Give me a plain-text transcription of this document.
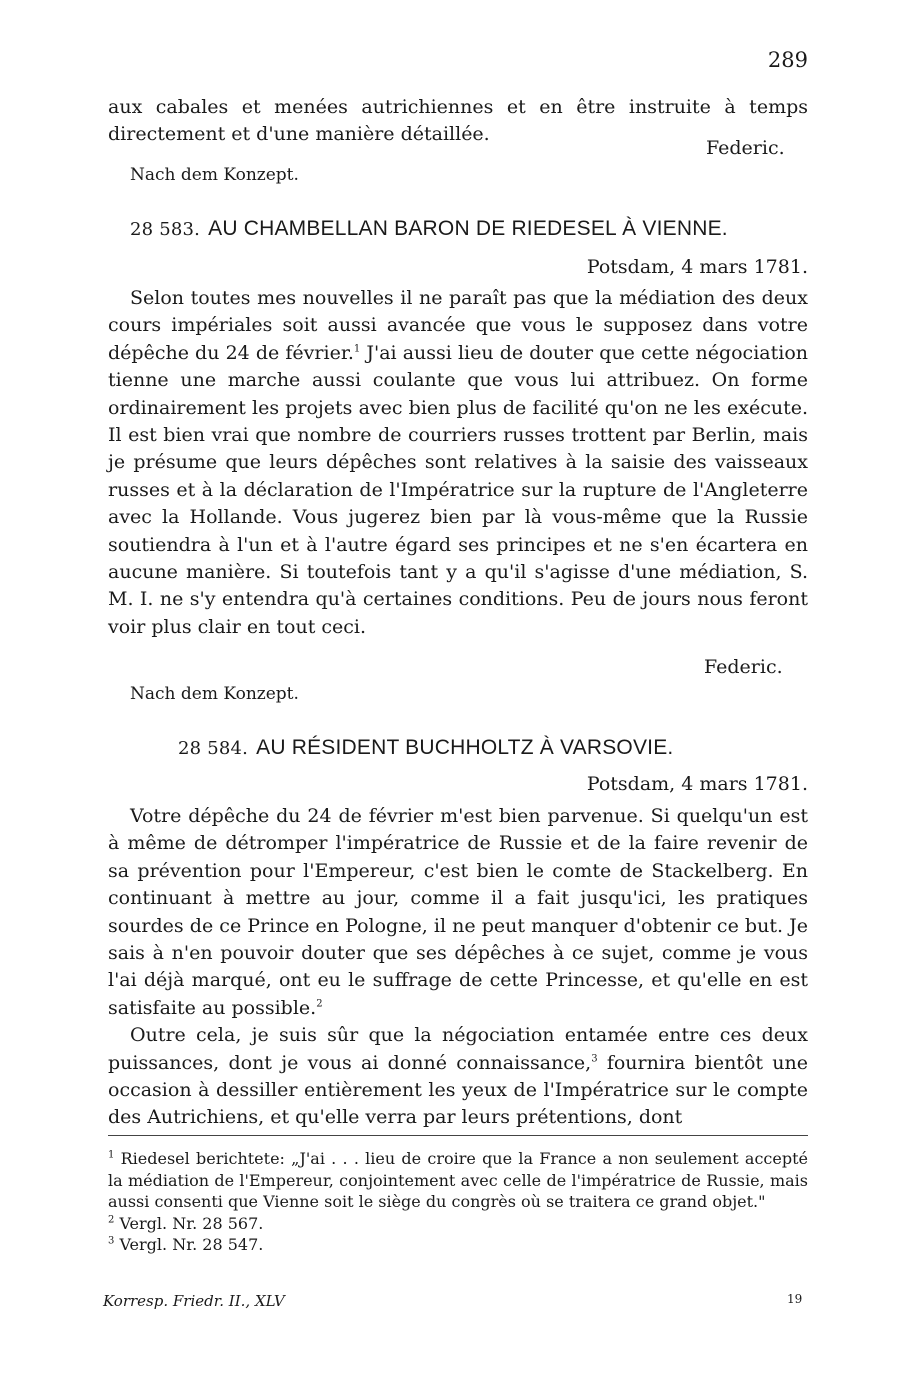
289

aux cabales et menées autrichiennes et en être instruite à temps directement et d'une manière détaillée.

Federic.
Nach dem Konzept.
28 583. AU CHAMBELLAN BARON DE RIEDESEL À VIENNE.
Potsdam, 4 mars 1781.

Selon toutes mes nouvelles il ne paraît pas que la médiation des deux cours impériales soit aussi avancée que vous le supposez dans votre dépêche du 24 de février.$^1$ J'ai aussi lieu de douter que cette négociation tienne une marche aussi coulante que vous lui attribuez. On forme ordinairement les projets avec bien plus de facilité qu'on ne les exécute. Il est bien vrai que nombre de courriers russes trottent par Berlin, mais je présume que leurs dépêches sont relatives à la saisie des vaisseaux russes et à la déclaration de l'Impératrice sur la rupture de l'Angleterre avec la Hollande. Vous jugerez bien par là vous-même que la Russie soutiendra à l'un et à l'autre égard ses principes et ne s'en écartera en aucune manière. Si toutefois tant y a qu'il s'agisse d'une médiation, S. M. I. ne s'y entendra qu'à certaines conditions. Peu de jours nous feront voir plus clair en tout ceci.

Federic.
Nach dem Konzept.
28 584. AU RÉSIDENT BUCHHOLTZ À VARSOVIE.
Potsdam, 4 mars 1781.

Votre dépêche du 24 de février m'est bien parvenue. Si quelqu'un est à même de détromper l'impératrice de Russie et de la faire revenir de sa prévention pour l'Empereur, c'est bien le comte de Stackelberg. En continuant à mettre au jour, comme il a fait jusqu'ici, les pratiques sourdes de ce Prince en Pologne, il ne peut manquer d'obtenir ce but. Je sais à n'en pouvoir douter que ses dépêches à ce sujet, comme je vous l'ai déjà marqué, ont eu le suffrage de cette Princesse, et qu'elle en est satisfaite au possible.$^2$

Outre cela, je suis sûr que la négociation entamée entre ces deux puissances, dont je vous ai donné connaissance,$^3$ fournira bientôt une occasion à dessiller entièrement les yeux de l'Impératrice sur le compte des Autrichiens, et qu'elle verra par leurs prétentions, dont

$^1$ Riedesel berichtete: „J'ai . . . lieu de croire que la France a non seulement accepté la médiation de l'Empereur, conjointement avec celle de l'impératrice de Russie, mais aussi consenti que Vienne soit le siège du congrès où se traitera ce grand objet."

$^2$ Vergl. Nr. 28 567.

$^3$ Vergl. Nr. 28 547.

Korresp. Friedr. II., XLV	19
